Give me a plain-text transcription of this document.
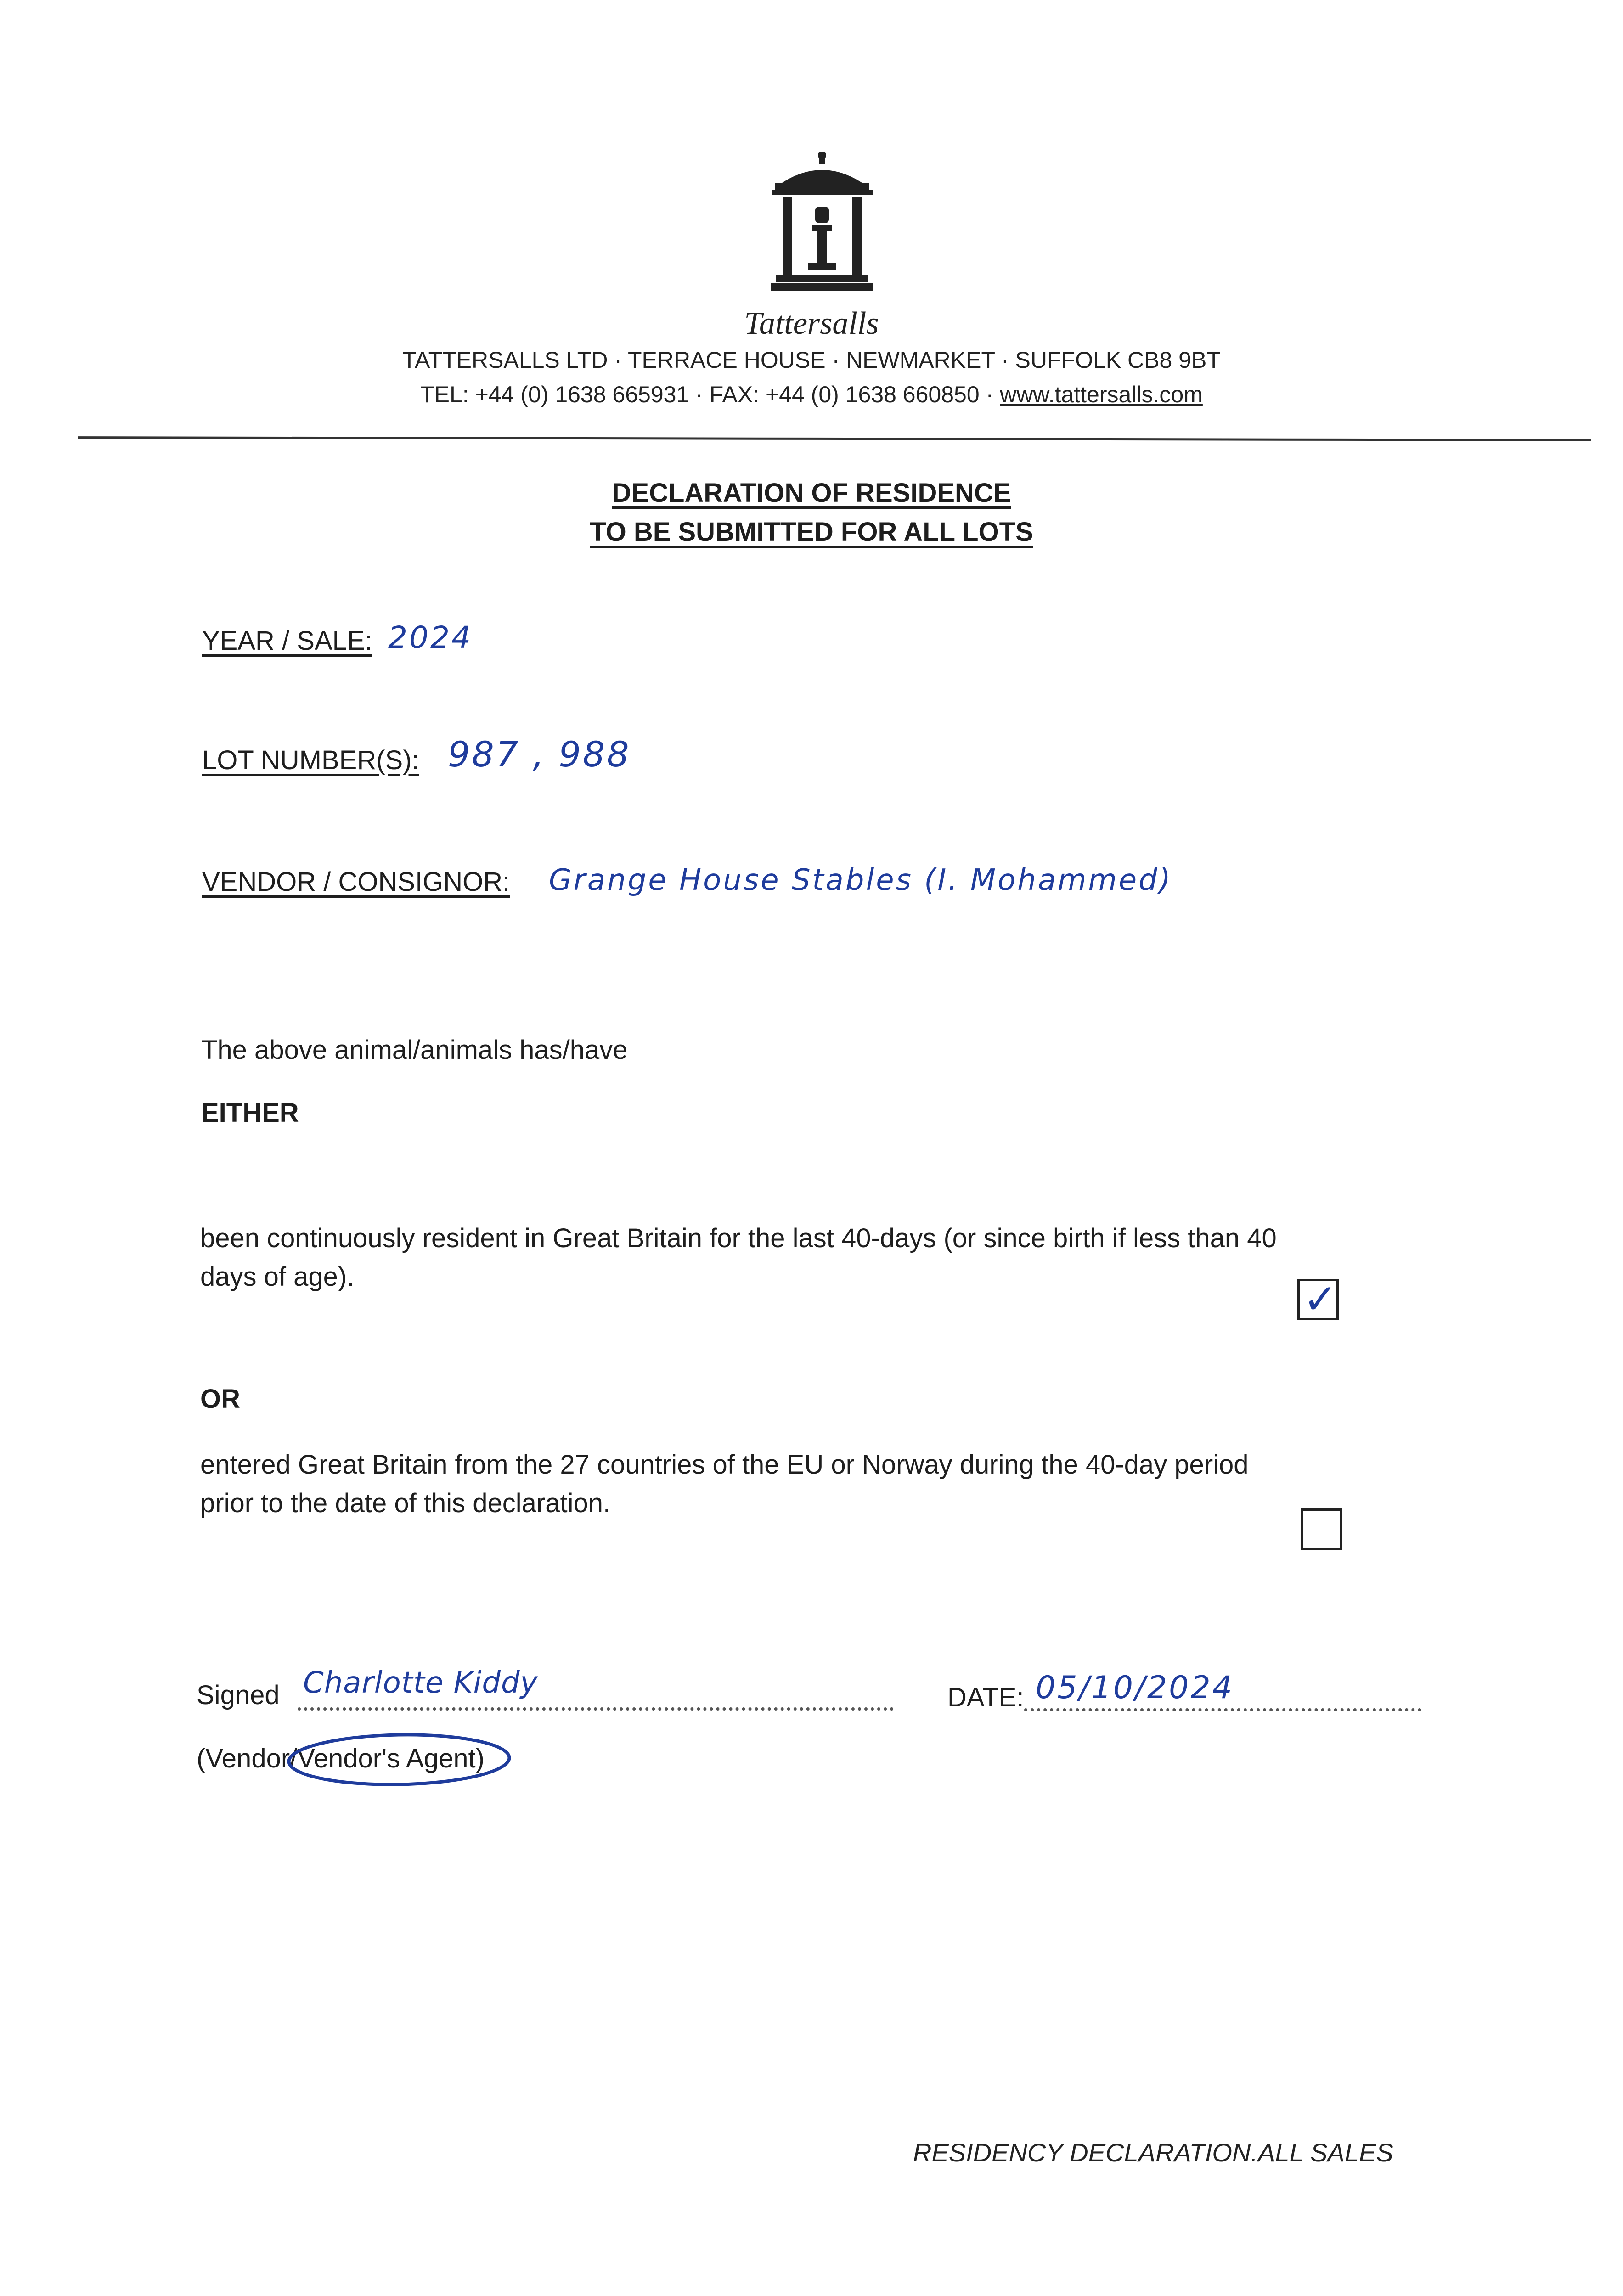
Tattersalls
TATTERSALLS LTD · TERRACE HOUSE · NEWMARKET · SUFFOLK CB8 9BT
TEL: +44 (0) 1638 665931 · FAX: +44 (0) 1638 660850 · www.tattersalls.com
DECLARATION OF RESIDENCE
TO BE SUBMITTED FOR ALL LOTS
YEAR / SALE: 2024
LOT NUMBER(S): 987 , 988
VENDOR / CONSIGNOR: Grange House Stables (I. Mohammed)
The above animal/animals has/have
EITHER
been continuously resident in Great Britain for the last 40-days (or since birth if less than 40
days of age).	✓
OR
entered Great Britain from the 27 countries of the EU or Norway during the 40-day period
prior to the date of this declaration.
Signed Charlotte Kiddy	DATE: 05/10/2024
(Vendor/Vendor's Agent
)
RESIDENCY DECLARATION.ALL SALES
